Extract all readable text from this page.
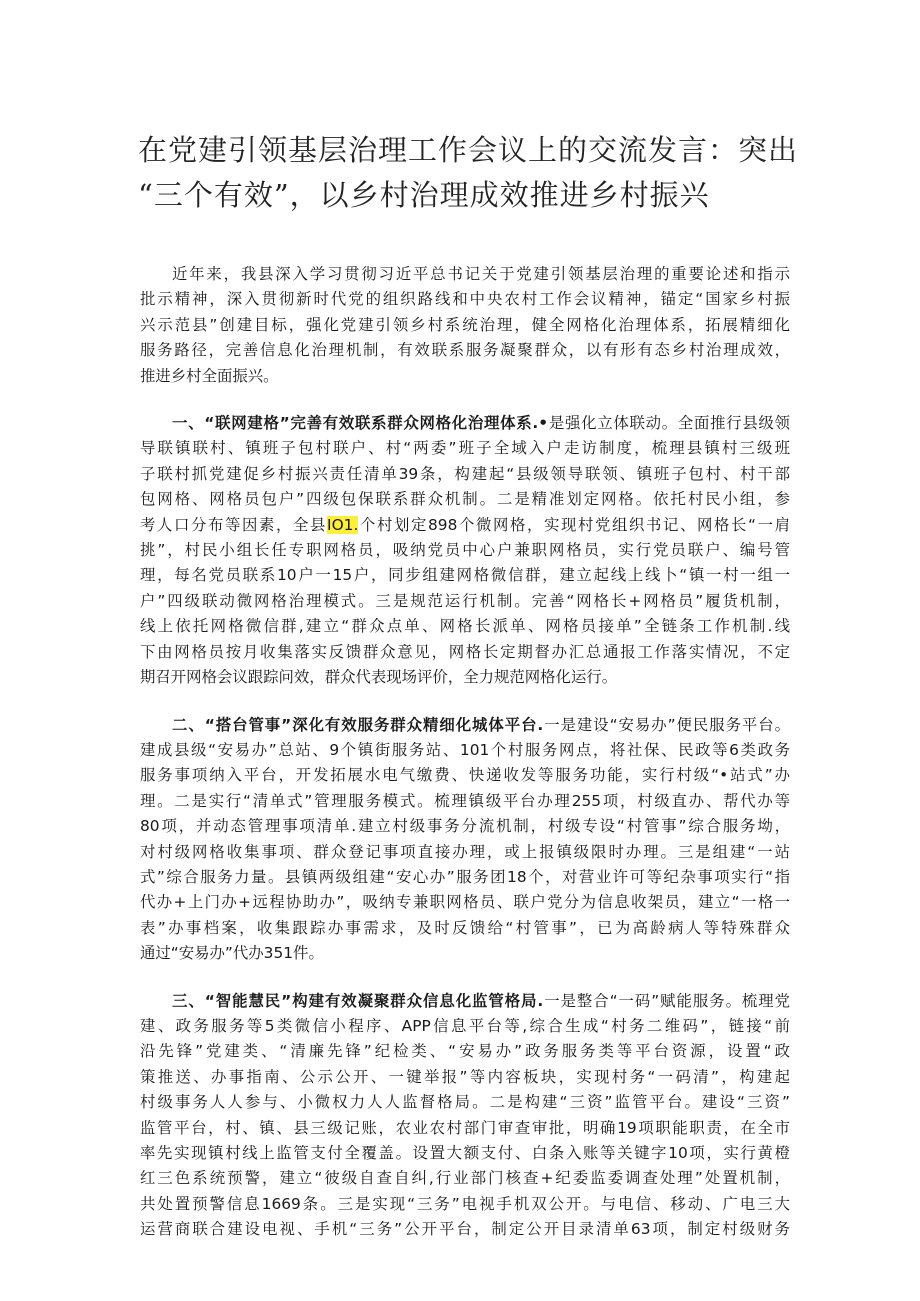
在党建引领基层治理工作会议上的交流发言：突出
“三个有效”，以乡村治理成效推进乡村振兴

近年来，我县深入学习贯彻习近平总书记关于党建引领基层治理的重要论述和指示
批示精神，深入贯彻新时代党的组织路线和中央农村工作会议精神，锚定“国家乡村振
兴示范县”创建目标，强化党建引领乡村系统治理，健全网格化治理体系，拓展精细化
服务路径，完善信息化治理机制，有效联系服务凝聚群众，以有形有态乡村治理成效，
推进乡村全面振兴。

一、“联网建格”完善有效联系群众网格化治理体系.•是强化立体联动。全面推行县级领
导联镇联村、镇班子包村联户、村“两委”班子全域入户走访制度，梳理县镇村三级班
子联村抓党建促乡村振兴责任清单39条，构建起“县级领导联领、镇班子包村、村干部
包网格、网格员包户”四级包保联系群众机制。二是精准划定网格。依托村民小组，参
考人口分布等因素，全县IO1.个村划定898个微网格，实现村党组织书记、网格长“一肩
挑”，村民小组长任专职网格员，吸纳党员中心户兼职网格员，实行党员联户、编号管
理，每名党员联系10户一15户，同步组建网格微信群，建立起线上线卜“镇一村一组一
户”四级联动微网格治理模式。三是规范运行机制。完善“网格长+网格员”履货机制，
线上依托网格微信群,建立“群众点单、网格长派单、网格员接单”全链条工作机制.线
下由网格员按月收集落实反馈群众意见，网格长定期督办汇总通报工作落实情况，不定
期召开网格会议跟踪问效，群众代表现场评价，全力规范网格化运行。

二、“搭台管事”深化有效服务群众精细化城体平台.一是建设“安易办”便民服务平台。
建成县级“安易办”总站、9个镇街服务站、101个村服务网点，将社保、民政等6类政务
服务事项纳入平台，开发拓展水电气缴费、快递收发等服务功能，实行村级“•站式”办
理。二是实行“清单式”管理服务模式。梳理镇级平台办理255项，村级直办、帮代办等
80项，并动态管理事项清单.建立村级事务分流机制，村级专设“村管事”综合服务坳，
对村级网格收集事项、群众登记事项直接办理，或上报镇级限时办理。三是组建“一站
式”综合服务力量。县镇两级组建“安心办”服务团18个，对营业许可等纪杂事项实行“指
代办+上门办+远程协助办”，吸纳专兼职网格员、联户党分为信息收架员，建立“一格一
表”办事档案，收集跟踪办事需求，及时反馈给“村管事”，已为高龄病人等特殊群众
通过“安易办”代办351件。

三、“智能慧民”构建有效凝聚群众信息化监管格局.一是整合“一码”赋能服务。梳理党
建、政务服务等5类微信小程序、APP信息平台等,综合生成“村务二维码”，链接“前
沿先锋”党建类、“清廉先锋”纪检类、“安易办”政务服务类等平台资源，设置“政
策推送、办事指南、公示公开、一键举报”等内容板块，实现村务“一码清”，构建起
村级事务人人参与、小微权力人人监督格局。二是构建“三资”监管平台。建设“三资”
监管平台，村、镇、县三级记账，农业农村部门审查审批，明确19项职能职责，在全市
率先实现镇村线上监管支付全覆盖。设置大额支付、白条入账等关键字10项，实行黄橙
红三色系统预警，建立“彼级自查自纠,行业部门核查+纪委监委调查处理”处置机制，
共处置预警信息1669条。三是实现“三务”电视手机双公开。与电信、移动、广电三大
运营商联合建设电视、手机“三务”公开平台，制定公开目录清单63项，制定村级财务
